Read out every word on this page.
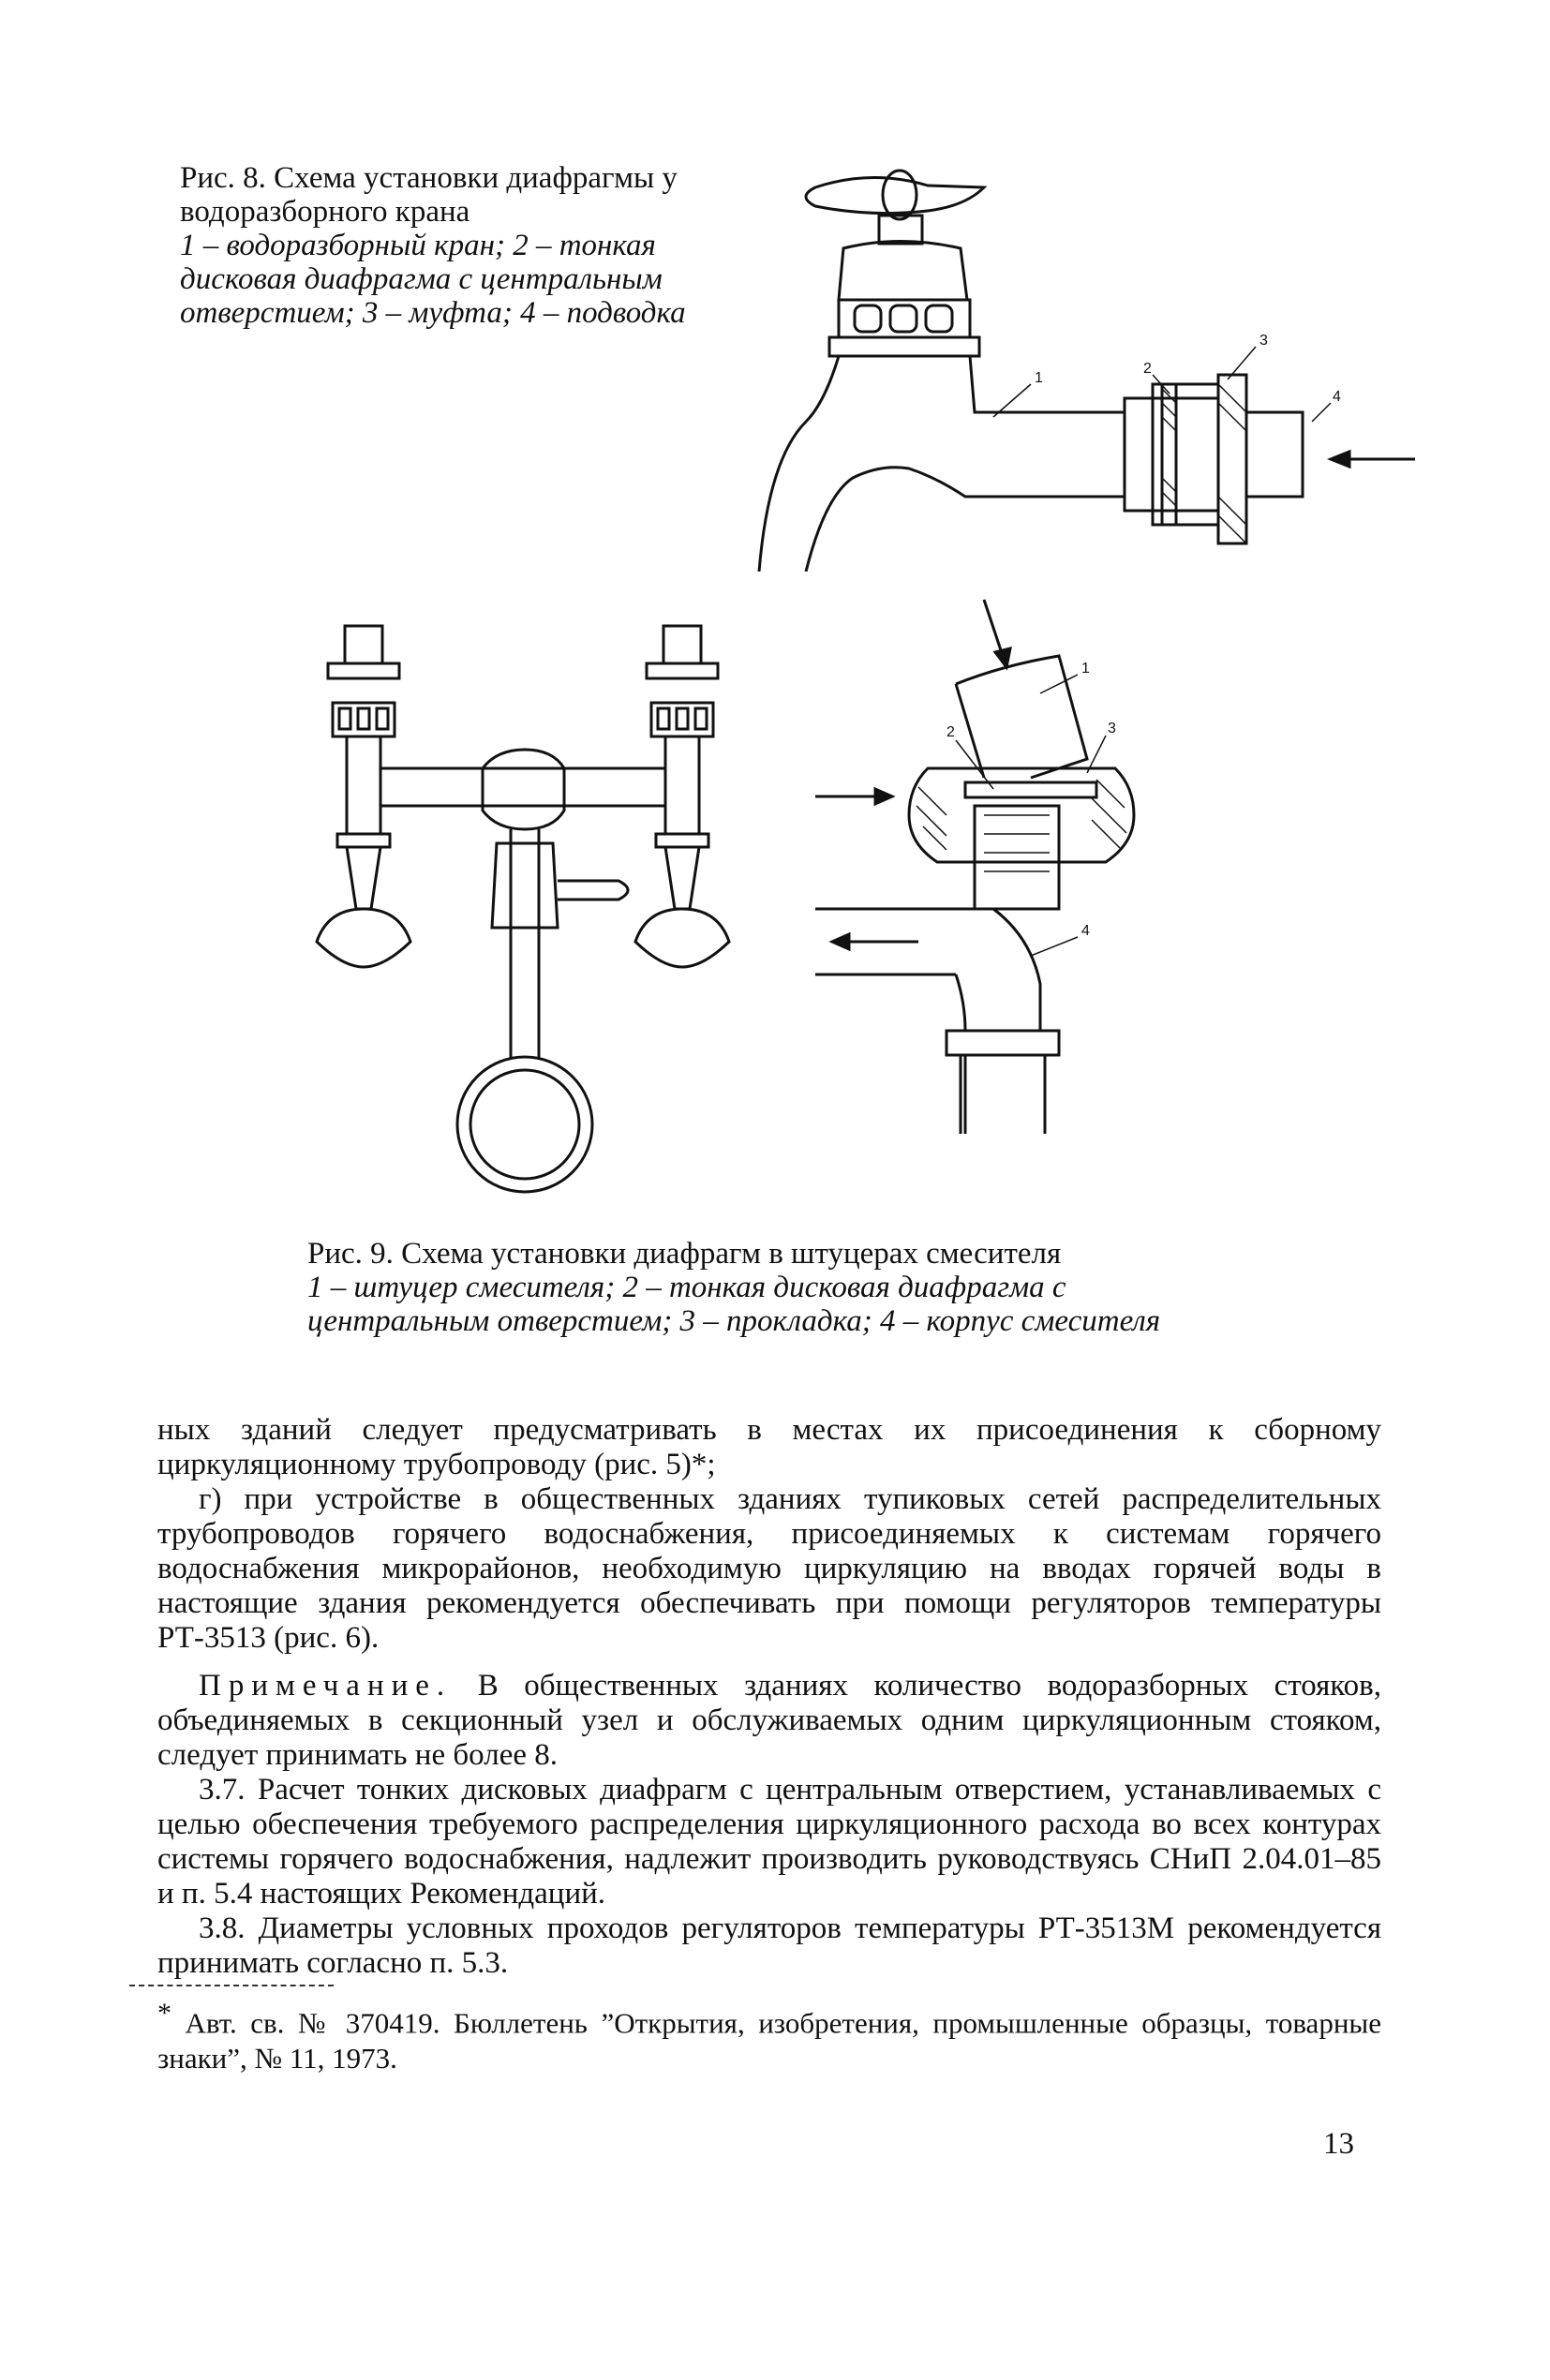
Рис. 8. Схема установки диафрагмы у водоразборного крана
1 – водоразборный кран; 2 – тонкая дисковая диафрагма с центральным отверстием; 3 – муфта; 4 – подводка
1
2
3
4
1
2	3
4
Рис. 9. Схема установки диафрагм в штуцерах смесителя
1 – штуцер смесителя; 2 – тонкая дисковая диафрагма с центральным отверстием; 3 – прокладка; 4 – корпус смесителя

ных зданий следует предусматривать в местах их присоединения к сборному циркуляционному трубопроводу (рис. 5)*;

г) при устройстве в общественных зданиях тупиковых сетей распределительных трубопроводов горячего водоснабжения, присоединяемых к системам горячего водоснабжения микрорайонов, необходимую циркуляцию на вводах горячей воды в настоящие здания рекомендуется обеспечивать при помощи регуляторов температуры РТ-3513 (рис. 6).

Примечание. В общественных зданиях количество водоразборных стояков, объединяемых в секционный узел и обслуживаемых одним циркуляционным стояком, следует принимать не более 8.

3.7. Расчет тонких дисковых диафрагм с центральным отверстием, устанавливаемых с целью обеспечения требуемого распределения циркуляционного расхода во всех контурах системы горячего водоснабжения, надлежит производить руководствуясь СНиП 2.04.01–85 и п. 5.4 настоящих Рекомендаций.

3.8. Диаметры условных проходов регуляторов температуры РТ-3513М рекомендуется принимать согласно п. 5.3.

* Авт. св. № 370419. Бюллетень ”Открытия, изобретения, промышленные образцы, товарные знаки”, № 11, 1973.
13
